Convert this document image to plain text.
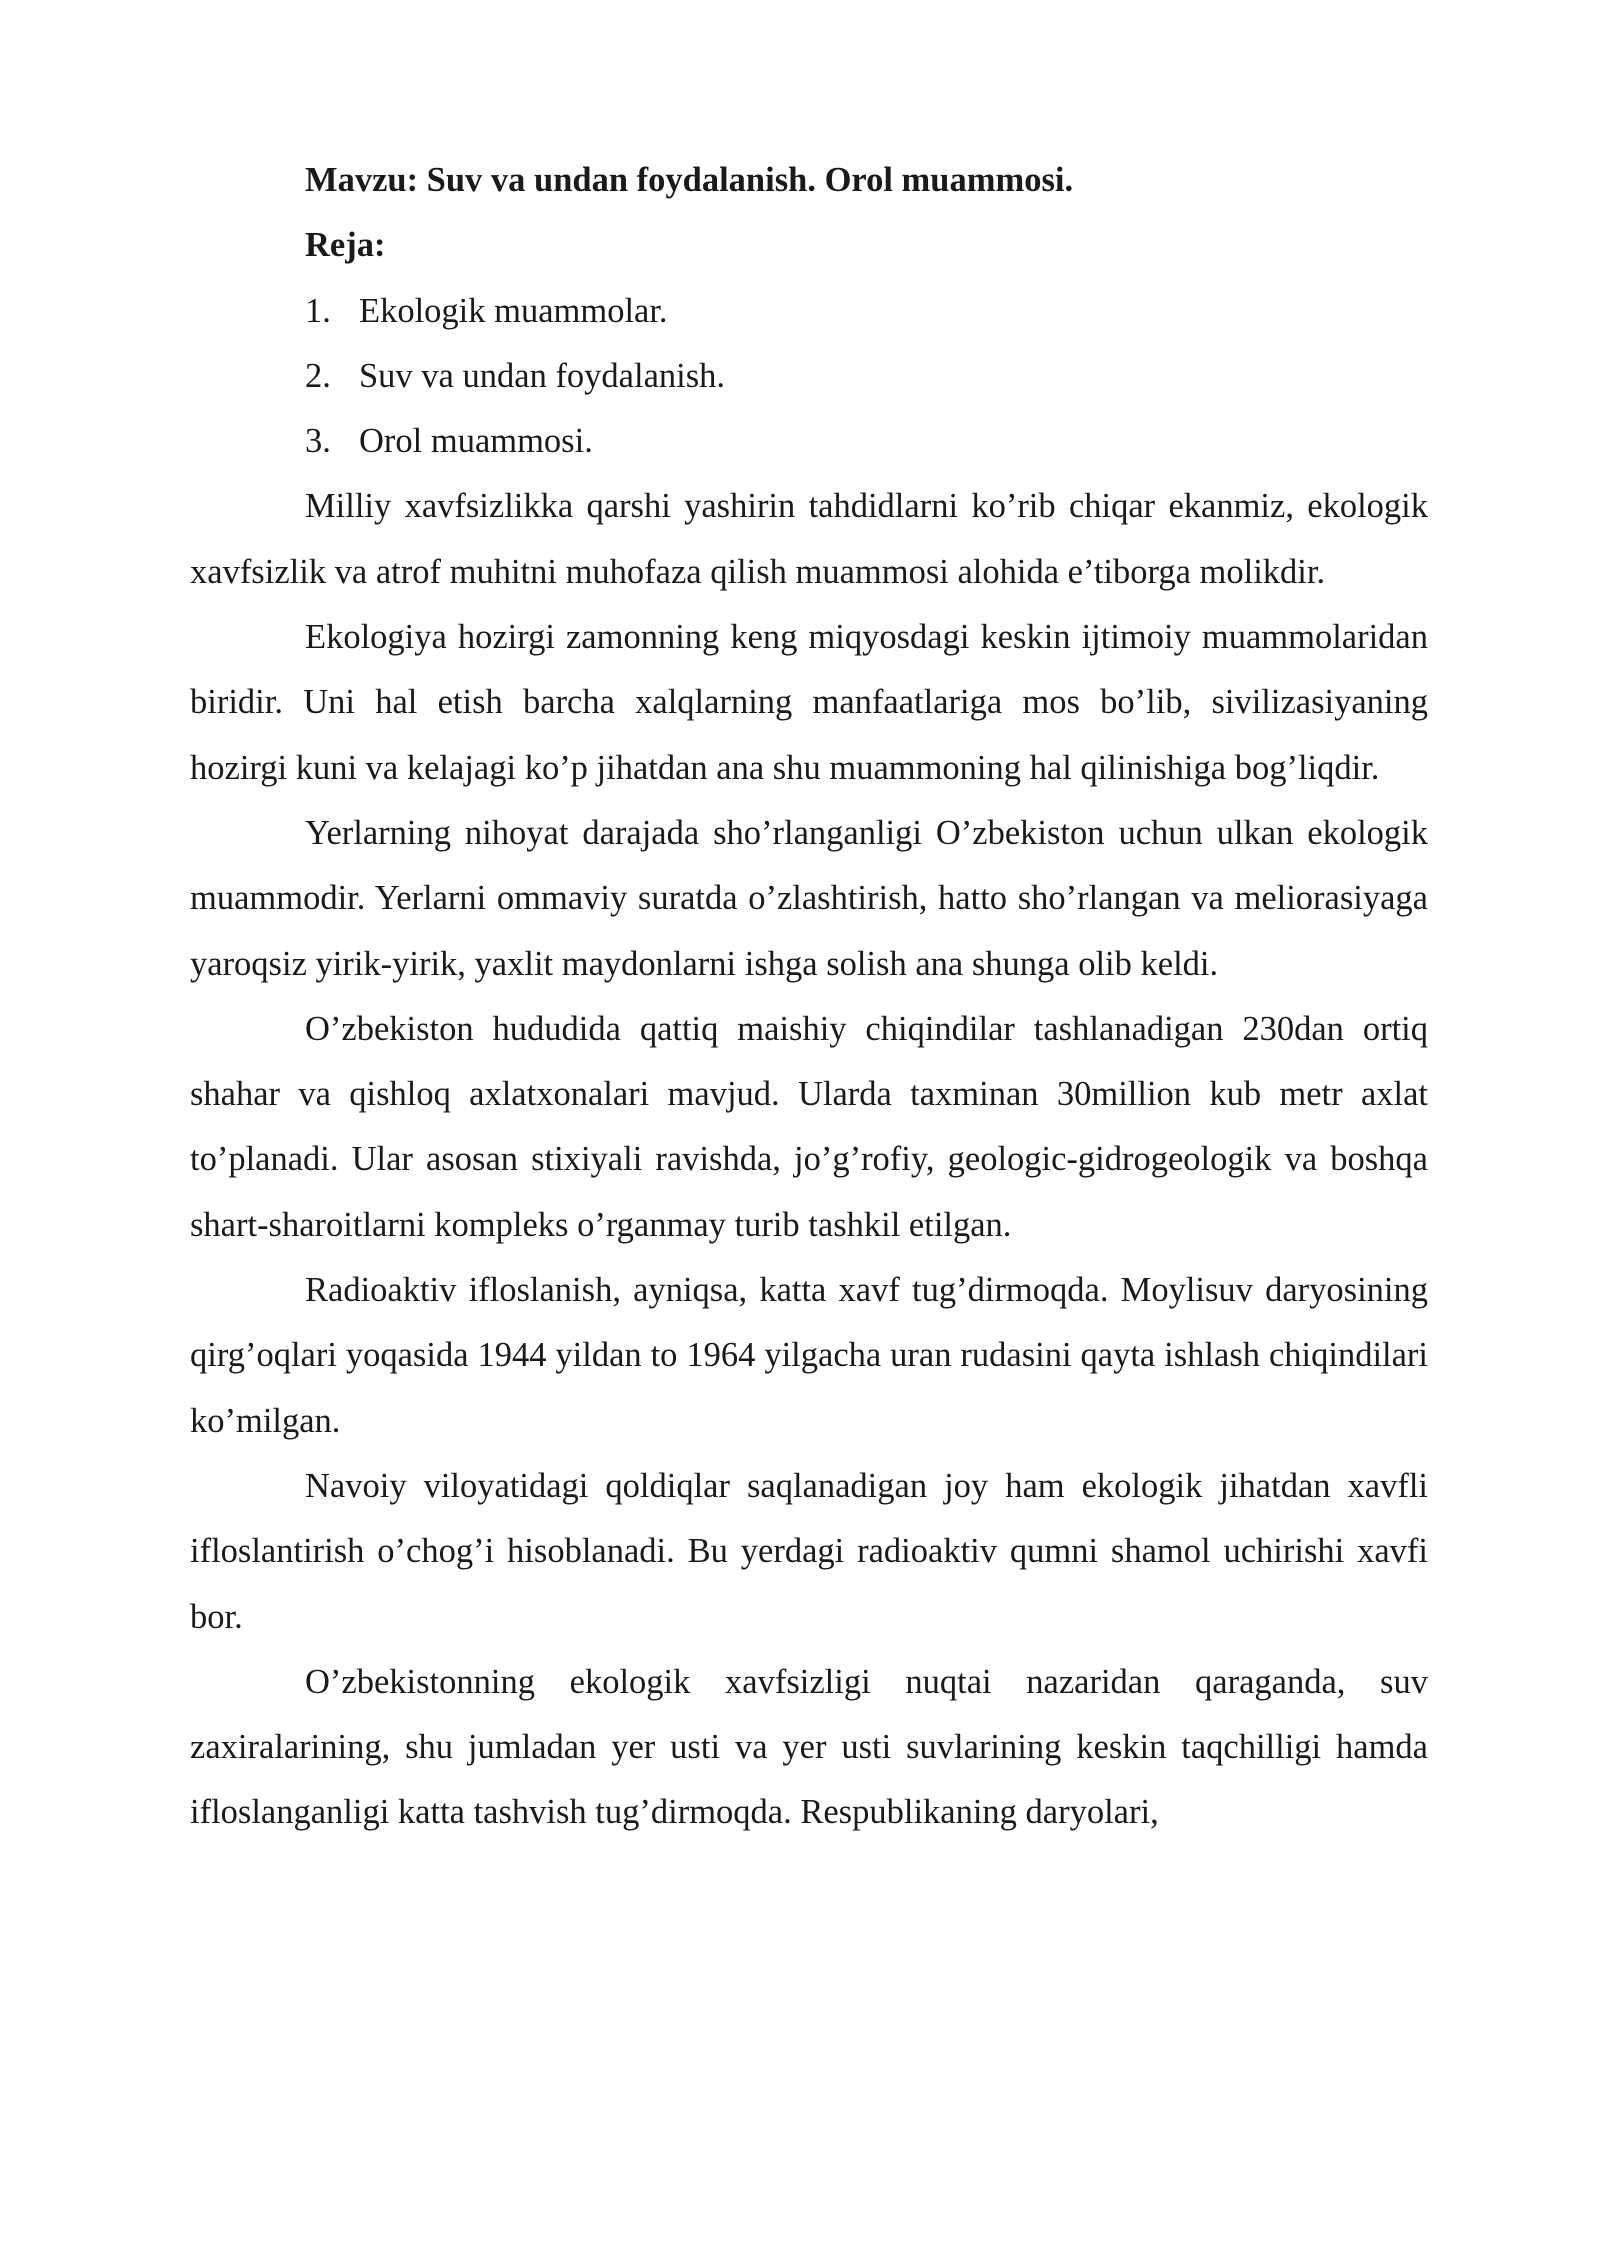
Mavzu: Suv va undan foydalanish. Orol muammosi.

Reja:

1. Ekologik muammolar.
2. Suv va undan foydalanish.
3. Orol muammosi.

Milliy xavfsizlikka qarshi yashirin tahdidlarni ko’rib chiqar ekanmiz, ekologik xavfsizlik va atrof muhitni muhofaza qilish muammosi alohida e’tiborga molikdir.

Ekologiya hozirgi zamonning keng miqyosdagi keskin ijtimoiy muammolaridan biridir. Uni hal etish barcha xalqlarning manfaatlariga mos bo’lib, sivilizasiyaning hozirgi kuni va kelajagi ko’p jihatdan ana shu muammoning hal qilinishiga bog’liqdir.

Yerlarning nihoyat darajada sho’rlanganligi O’zbekiston uchun ulkan ekologik muammodir. Yerlarni ommaviy suratda o’zlashtirish, hatto sho’rlangan va meliorasiyaga yaroqsiz yirik-yirik, yaxlit maydonlarni ishga solish ana shunga olib keldi.

O’zbekiston hududida qattiq maishiy chiqindilar tashlanadigan 230dan ortiq shahar va qishloq axlatxonalari mavjud. Ularda taxminan 30million kub metr axlat to’planadi. Ular asosan stixiyali ravishda, jo’g’rofiy, geologic-gidrogeologik va boshqa shart-sharoitlarni kompleks o’rganmay turib tashkil etilgan.

Radioaktiv ifloslanish, ayniqsa, katta xavf tug’dirmoqda. Moylisuv daryosining qirg’oqlari yoqasida 1944 yildan to 1964 yilgacha uran rudasini qayta ishlash chiqindilari ko’milgan.

Navoiy viloyatidagi qoldiqlar saqlanadigan joy ham ekologik jihatdan xavfli ifloslantirish o’chog’i hisoblanadi. Bu yerdagi radioaktiv qumni shamol uchirishi xavfi bor.

O’zbekistonning ekologik xavfsizligi nuqtai nazaridan qaraganda, suv zaxiralarining, shu jumladan yer usti va yer usti suvlarining keskin taqchilligi hamda ifloslanganligi katta tashvish tug’dirmoqda. Respublikaning daryolari,
